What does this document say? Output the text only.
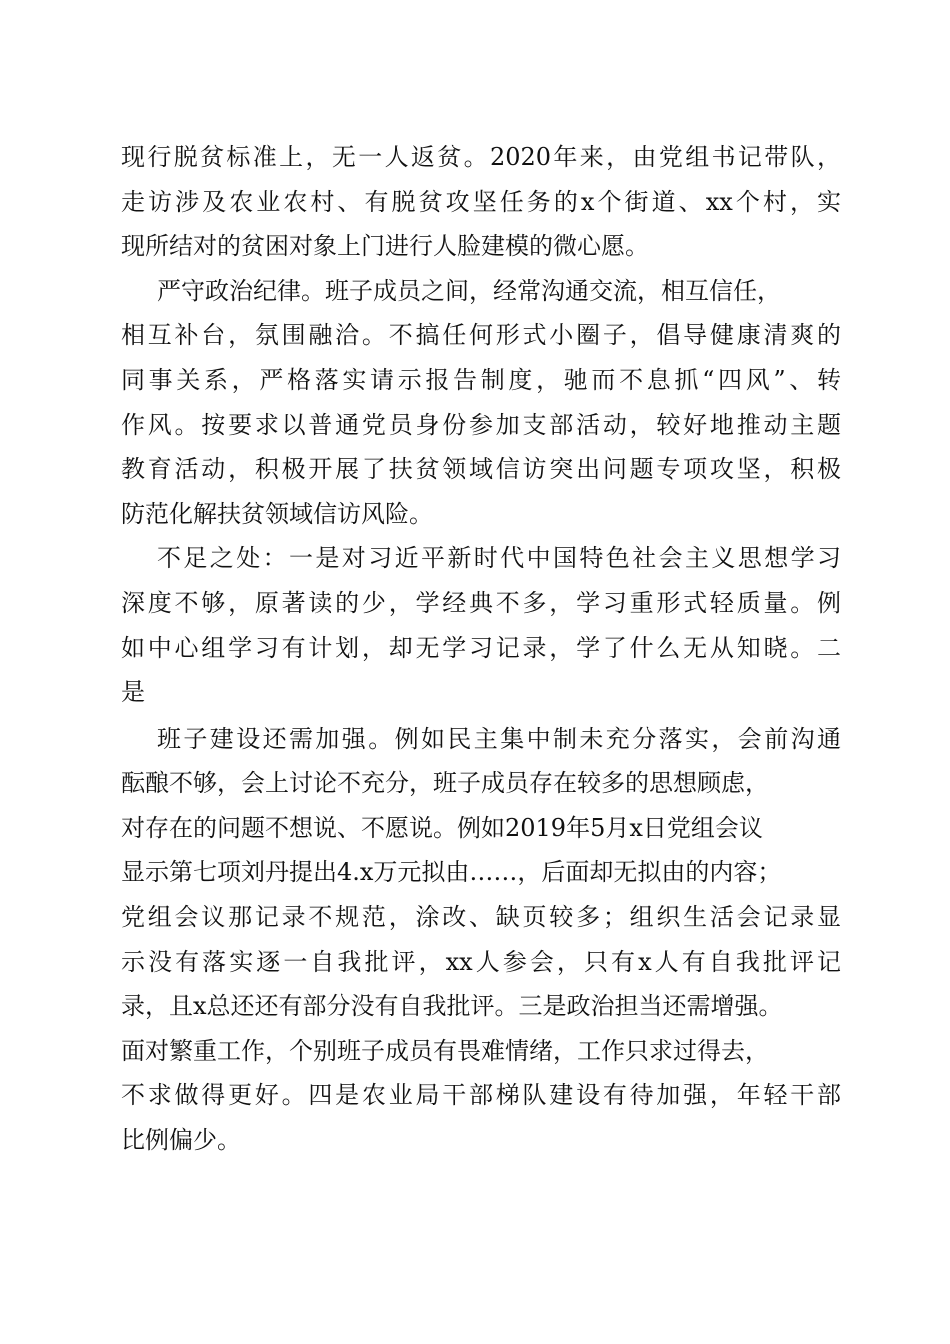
现行脱贫标准上，无一人返贫。2020年来，由党组书记带队，
走访涉及农业农村、有脱贫攻坚任务的x个街道、xx个村，实
现所结对的贫困对象上门进行人脸建模的微心愿。
严守政治纪律。班子成员之间，经常沟通交流，相互信任，
相互补台，氛围融洽。不搞任何形式小圈子，倡导健康清爽的
同事关系，严格落实请示报告制度，驰而不息抓“四风”、转
作风。按要求以普通党员身份参加支部活动，较好地推动主题
教育活动，积极开展了扶贫领域信访突出问题专项攻坚，积极
防范化解扶贫领域信访风险。
不足之处：一是对习近平新时代中国特色社会主义思想学习
深度不够，原著读的少，学经典不多，学习重形式轻质量。例
如中心组学习有计划，却无学习记录，学了什么无从知晓。二
是
班子建设还需加强。例如民主集中制未充分落实，会前沟通
酝酿不够，会上讨论不充分，班子成员存在较多的思想顾虑，
对存在的问题不想说、不愿说。例如2019年5月x日党组会议
显示第七项刘丹提出4.x万元拟由……，后面却无拟由的内容；
党组会议那记录不规范，涂改、缺页较多；组织生活会记录显
示没有落实逐一自我批评，xx人参会，只有x人有自我批评记
录，且x总还还有部分没有自我批评。三是政治担当还需增强。
面对繁重工作，个别班子成员有畏难情绪，工作只求过得去，
不求做得更好。四是农业局干部梯队建设有待加强，年轻干部
比例偏少。
